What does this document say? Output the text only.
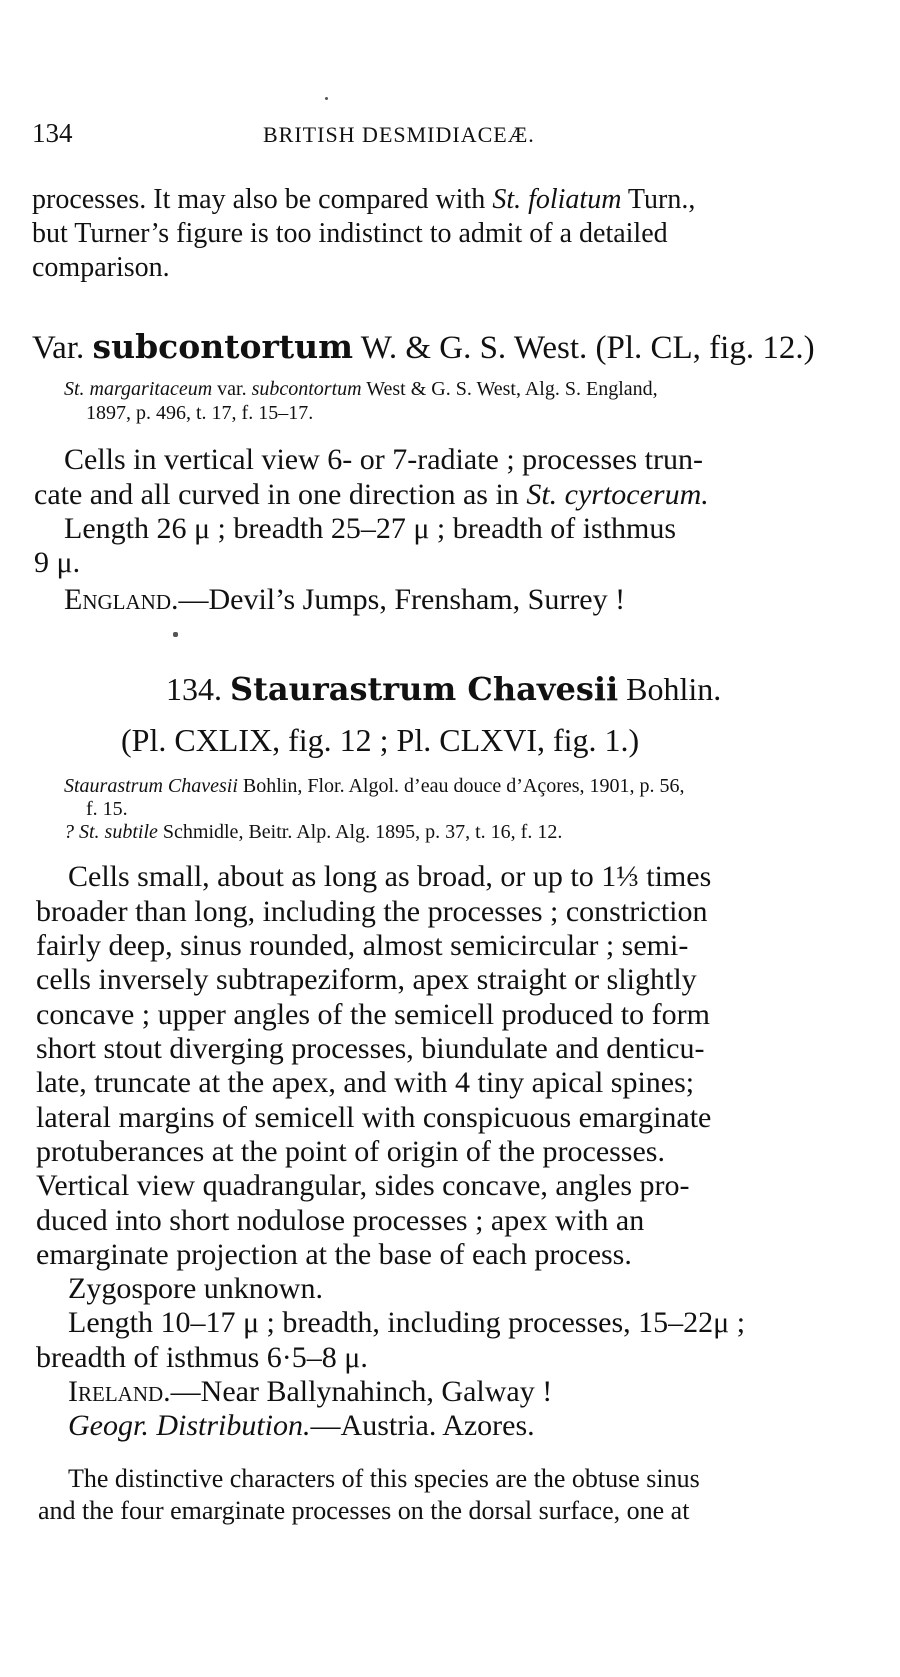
134	BRITISH DESMIDIACEÆ.
processes. It may also be compared with St. foliatum Turn.,
but Turner’s figure is too indistinct to admit of a detailed
comparison.
Var. subcontortum W. & G. S. West. (Pl. CL, fig. 12.)
St. margaritaceum var. subcontortum West & G. S. West, Alg. S. England,
1897, p. 496, t. 17, f. 15–17.
Cells in vertical view 6- or 7-radiate ; processes trun-
cate and all curved in one direction as in St. cyrtocerum.
Length 26 μ ; breadth 25–27 μ ; breadth of isthmus
9 μ.
England.—Devil’s Jumps, Frensham, Surrey !
134. Staurastrum Chavesii Bohlin.
(Pl. CXLIX, fig. 12 ; Pl. CLXVI, fig. 1.)
Staurastrum Chavesii Bohlin, Flor. Algol. d’eau douce d’Açores, 1901, p. 56,
f. 15.
? St. subtile Schmidle, Beitr. Alp. Alg. 1895, p. 37, t. 16, f. 12.
Cells small, about as long as broad, or up to 1⅓ times
broader than long, including the processes ; constriction
fairly deep, sinus rounded, almost semicircular ; semi-
cells inversely subtrapeziform, apex straight or slightly
concave ; upper angles of the semicell produced to form
short stout diverging processes, biundulate and denticu-
late, truncate at the apex, and with 4 tiny apical spines;
lateral margins of semicell with conspicuous emarginate
protuberances at the point of origin of the processes.
Vertical view quadrangular, sides concave, angles pro-
duced into short nodulose processes ; apex with an
emarginate projection at the base of each process.
Zygospore unknown.
Length 10–17 μ ; breadth, including processes, 15–22μ ;
breadth of isthmus 6·5–8 μ.
Ireland.—Near Ballynahinch, Galway !
Geogr. Distribution.—Austria. Azores.
The distinctive characters of this species are the obtuse sinus
and the four emarginate processes on the dorsal surface, one at
